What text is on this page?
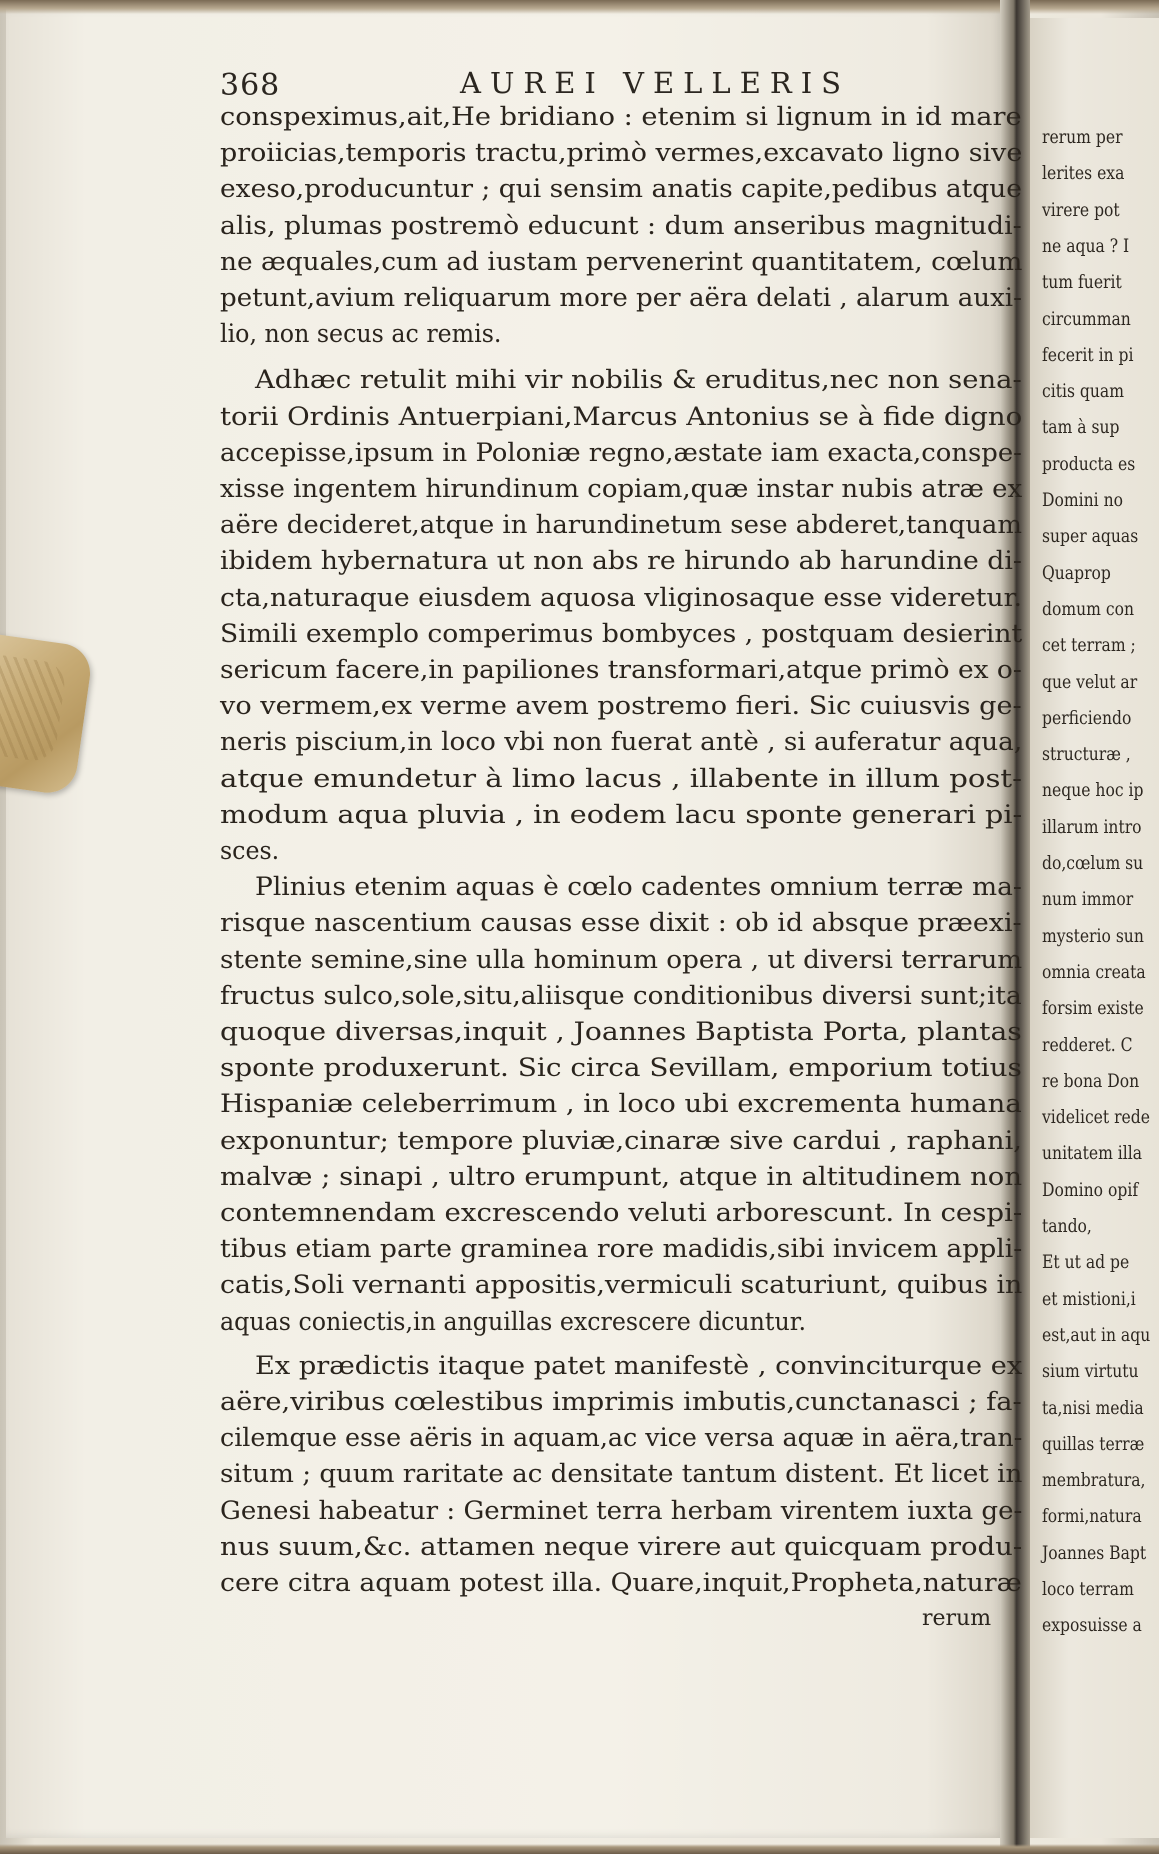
rerum per
lerites exa
virere pot
ne aqua ? I
tum fuerit
circumman
fecerit in pi
citis quam
tam à sup
producta es
Domini no
super aquas
Quaprop
domum con
cet terram ;
que velut ar
perficiendo
structuræ ,
neque hoc ip
illarum intro
do,cœlum su
num immor
mysterio sun
omnia creata
forsim existe
redderet. C
re bona Don
videlicet rede
unitatem illa
Domino opif
tando,
Et ut ad pe
et mistioni,i
est,aut in aqu
sium virtutu
ta,nisi media
quillas terræ
membratura,
formi,natura
Joannes Bapt
loco terram
exposuisse a
368	AUREI VELLERIS
conspeximus,ait,He bridiano : etenim si lignum in id mare
proiicias,temporis tractu,primò vermes,excavato ligno sive
exeso,producuntur ; qui sensim anatis capite,pedibus atque
alis, plumas postremò educunt : dum anseribus magnitudi-
ne æquales,cum ad iustam pervenerint quantitatem, cœlum
petunt,avium reliquarum more per aëra delati , alarum auxi-
lio, non secus ac remis.
Adhæc retulit mihi vir nobilis & eruditus,nec non sena-
torii Ordinis Antuerpiani,Marcus Antonius se à fide digno
accepisse,ipsum in Poloniæ regno,æstate iam exacta,conspe-
xisse ingentem hirundinum copiam,quæ instar nubis atræ ex
aëre decideret,atque in harundinetum sese abderet,tanquam
ibidem hybernatura ut non abs re hirundo ab harundine di-
cta,naturaque eiusdem aquosa vliginosaque esse videretur.
Simili exemplo comperimus bombyces , postquam desierint
sericum facere,in papiliones transformari,atque primò ex o-
vo vermem,ex verme avem postremo fieri. Sic cuiusvis ge-
neris piscium,in loco vbi non fuerat antè , si auferatur aqua,
atque emundetur à limo lacus , illabente in illum post-
modum aqua pluvia , in eodem lacu sponte generari pi-
sces.
Plinius etenim aquas è cœlo cadentes omnium terræ ma-
risque nascentium causas esse dixit : ob id absque præexi-
stente semine,sine ulla hominum opera , ut diversi terrarum
fructus sulco,sole,situ,aliisque conditionibus diversi sunt;ita
quoque diversas,inquit , Joannes Baptista Porta, plantas
sponte produxerunt. Sic circa Sevillam, emporium totius
Hispaniæ celeberrimum , in loco ubi excrementa humana
exponuntur; tempore pluviæ,cinaræ sive cardui , raphani,
malvæ ; sinapi , ultro erumpunt, atque in altitudinem non
contemnendam excrescendo veluti arborescunt. In cespi-
tibus etiam parte graminea rore madidis,sibi invicem appli-
catis,Soli vernanti appositis,vermiculi scaturiunt, quibus in
aquas coniectis,in anguillas excrescere dicuntur.
Ex prædictis itaque patet manifestè , convinciturque ex
aëre,viribus cœlestibus imprimis imbutis,cunctanasci ; fa-
cilemque esse aëris in aquam,ac vice versa aquæ in aëra,tran-
situm ; quum raritate ac densitate tantum distent. Et licet in
Genesi habeatur : Germinet terra herbam virentem iuxta ge-
nus suum,&c. attamen neque virere aut quicquam produ-
cere citra aquam potest illa. Quare,inquit,Propheta,naturæ
rerum
